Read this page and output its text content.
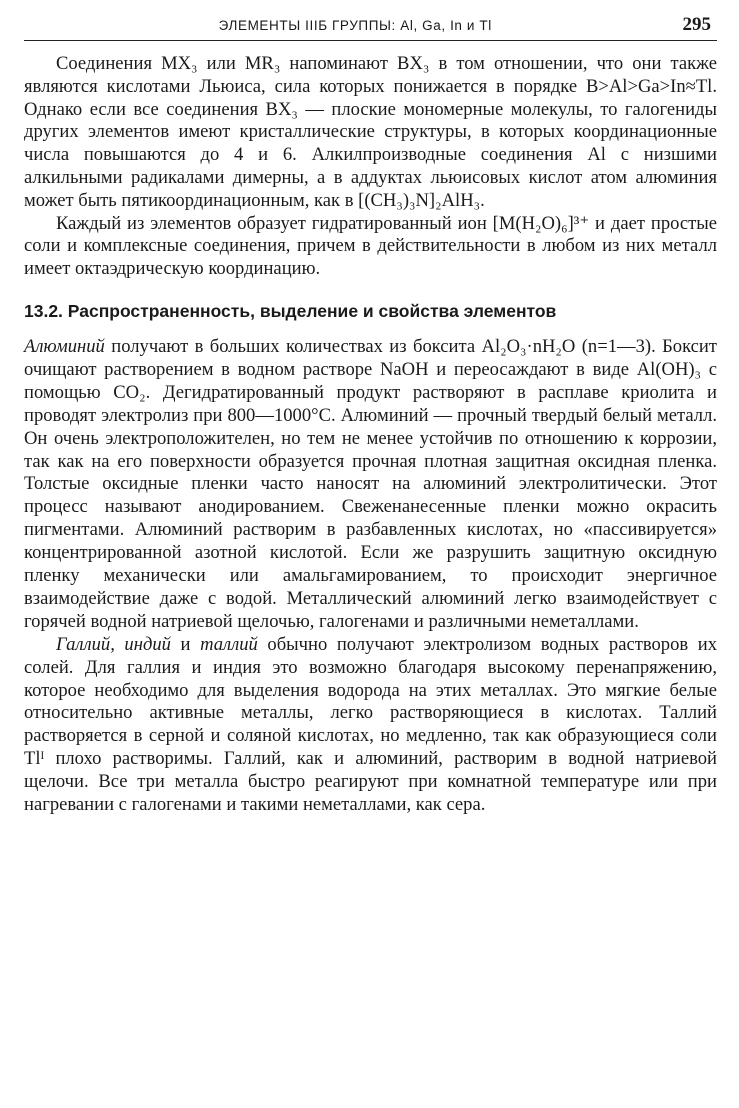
ЭЛЕМЕНТЫ IIIБ ГРУППЫ: Al, Ga, In и Tl	295

Соединения MX₃ или MR₃ напоминают BX₃ в том отношении, что они также являются кислотами Льюиса, сила которых понижается в порядке B>Al>Ga>In≈Tl. Однако если все соединения BX₃ — плоские мономерные молекулы, то галогениды других элементов имеют кристаллические структуры, в которых координационные числа повышаются до 4 и 6. Алкилпроизводные соединения Al с низшими алкильными радикалами димерны, а в аддуктах льюисовых кислот атом алюминия может быть пятикоординационным, как в [(CH₃)₃N]₂AlH₃.

Каждый из элементов образует гидратированный ион [M(H₂O)₆]³⁺ и дает простые соли и комплексные соединения, причем в действительности в любом из них металл имеет октаэдрическую координацию.

13.2. Распространенность, выделение и свойства элементов

Алюминий получают в больших количествах из боксита Al₂O₃·nH₂O (n=1—3). Боксит очищают растворением в водном растворе NaOH и переосаждают в виде Al(OH)₃ с помощью CO₂. Дегидратированный продукт растворяют в расплаве криолита и проводят электролиз при 800—1000°C. Алюминий — прочный твердый белый металл. Он очень электроположителен, но тем не менее устойчив по отношению к коррозии, так как на его поверхности образуется прочная плотная защитная оксидная пленка. Толстые оксидные пленки часто наносят на алюминий электролитически. Этот процесс называют анодированием. Свеженанесенные пленки можно окрасить пигментами. Алюминий растворим в разбавленных кислотах, но «пассивируется» концентрированной азотной кислотой. Если же разрушить защитную оксидную пленку механически или амальгамированием, то происходит энергичное взаимодействие даже с водой. Металлический алюминий легко взаимодействует с горячей водной натриевой щелочью, галогенами и различными неметаллами.

Галлий, индий и таллий обычно получают электролизом водных растворов их солей. Для галлия и индия это возможно благодаря высокому перенапряжению, которое необходимо для выделения водорода на этих металлах. Это мягкие белые относительно активные металлы, легко растворяющиеся в кислотах. Таллий растворяется в серной и соляной кислотах, но медленно, так как образующиеся соли Tlᴵ плохо растворимы. Галлий, как и алюминий, растворим в водной натриевой щелочи. Все три металла быстро реагируют при комнатной температуре или при нагревании с галогенами и такими неметаллами, как сера.
